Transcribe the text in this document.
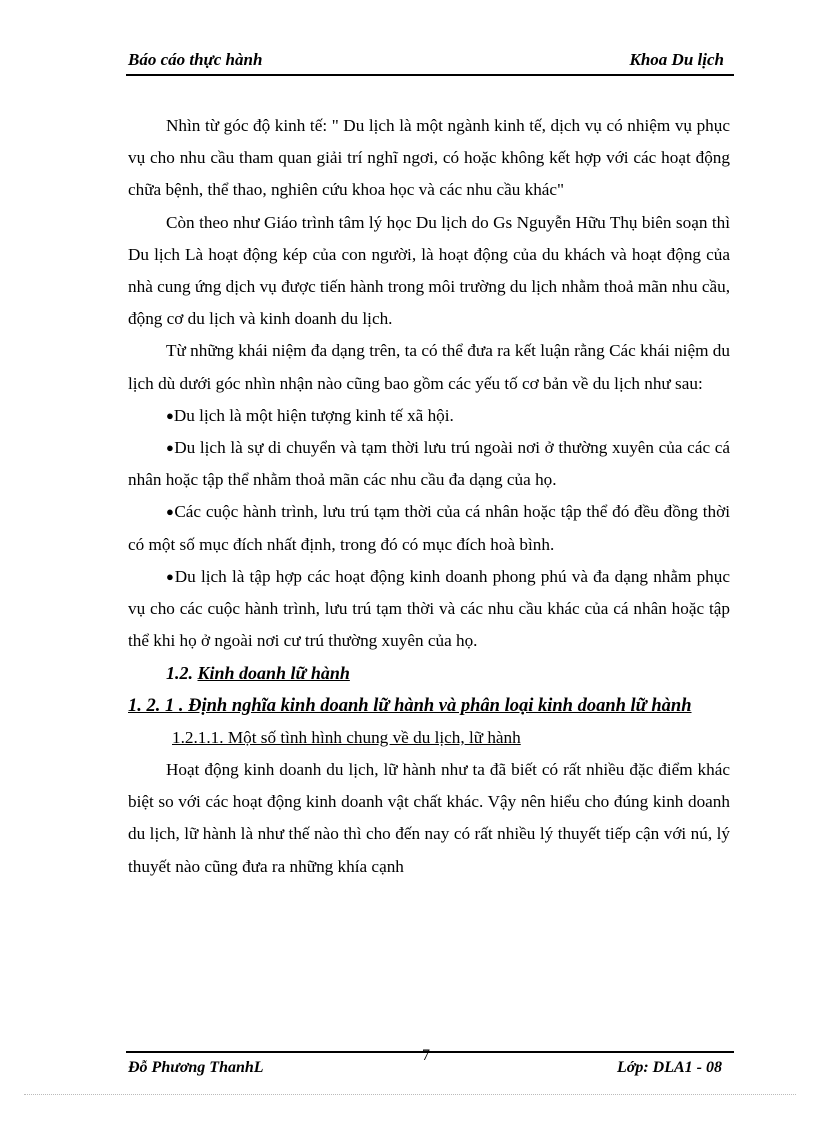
Báo cáo thực hành	Khoa Du lịch

Nhìn từ góc độ kinh tế: " Du lịch là một ngành kinh tế, dịch vụ có nhiệm vụ phục vụ cho nhu cầu tham quan giải trí nghĩ ngơi, có hoặc không kết hợp với các hoạt động chữa bệnh, thể thao, nghiên cứu khoa học và các nhu cầu khác"

Còn theo như Giáo trình tâm lý học Du lịch do Gs Nguyễn Hữu Thụ biên soạn thì Du lịch Là hoạt động kép của con người, là hoạt động của du khách và hoạt động của nhà cung ứng dịch vụ được tiến hành trong môi trường du lịch nhằm thoả mãn nhu cầu, động cơ du lịch và kinh doanh du lịch.

Từ những khái niệm đa dạng trên, ta có thể đưa ra kết luận rằng Các khái niệm du lịch dù dưới góc nhìn nhận nào cũng bao gồm các yếu tố cơ bản về du lịch như sau:

●Du lịch là một hiện tượng kinh tế xã hội.

●Du lịch là sự di chuyển và tạm thời lưu trú ngoài nơi ở thường xuyên của các cá nhân hoặc tập thể nhằm thoả mãn các nhu cầu đa dạng của họ.

●Các cuộc hành trình, lưu trú tạm thời của cá nhân hoặc tập thể đó đều đồng thời có một số mục đích nhất định, trong đó có mục đích hoà bình.

●Du lịch là tập hợp các hoạt động kinh doanh phong phú và đa dạng nhằm phục vụ cho các cuộc hành trình, lưu trú tạm thời và các nhu cầu khác của cá nhân hoặc tập thể khi họ ở ngoài nơi cư trú thường xuyên của họ.

1.2. Kinh doanh lữ hành

1. 2. 1 . Định nghĩa kinh doanh lữ hành và phân loại kinh doanh lữ hành

1.2.1.1. Một số tình hình chung về du lịch, lữ hành

Hoạt động kinh doanh du lịch, lữ hành như ta đã biết có rất nhiều đặc điểm khác biệt so với các hoạt động kinh doanh vật chất khác. Vậy nên hiểu cho đúng kinh doanh du lịch, lữ hành là như thế nào thì cho đến nay có rất nhiều lý thuyết tiếp cận với nú, lý thuyết nào cũng đưa ra những khía cạnh

Đỗ Phương ThanhL
7
Lớp: DLA1 - 08
